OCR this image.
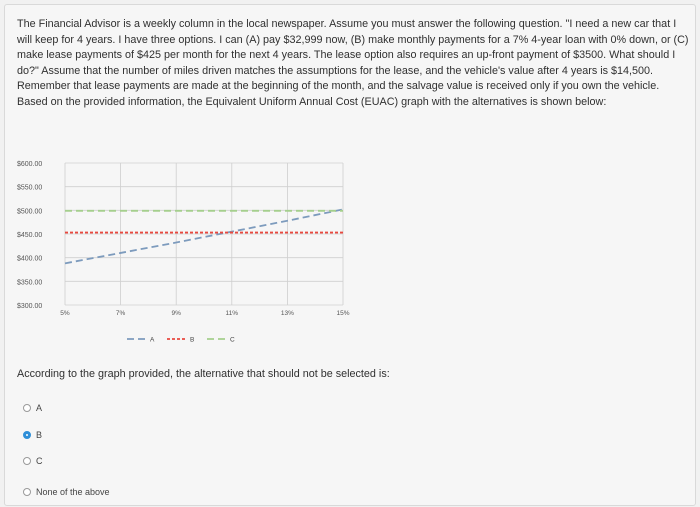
The Financial Advisor is a weekly column in the local newspaper. Assume you must answer the following question. "I need a new car that I will keep for 4 years. I have three options. I can (A) pay $32,999 now, (B) make monthly payments for a 7% 4-year loan with 0% down, or (C) make lease payments of $425 per month for the next 4 years. The lease option also requires an up-front payment of $3500. What should I do?" Assume that the number of miles driven matches the assumptions for the lease, and the vehicle's value after 4 years is $14,500. Remember that lease payments are made at the beginning of the month, and the salvage value is received only if you own the vehicle. Based on the provided information, the Equivalent Uniform Annual Cost (EUAC) graph with the alternatives is shown below:
$600.00
$550.00
$500.00
$450.00
$400.00
$350.00
$300.00
5%	7%	9%	11%	13%	15%
A	B	C
According to the graph provided, the alternative that should not be selected is:
A
B
C
None of the above
